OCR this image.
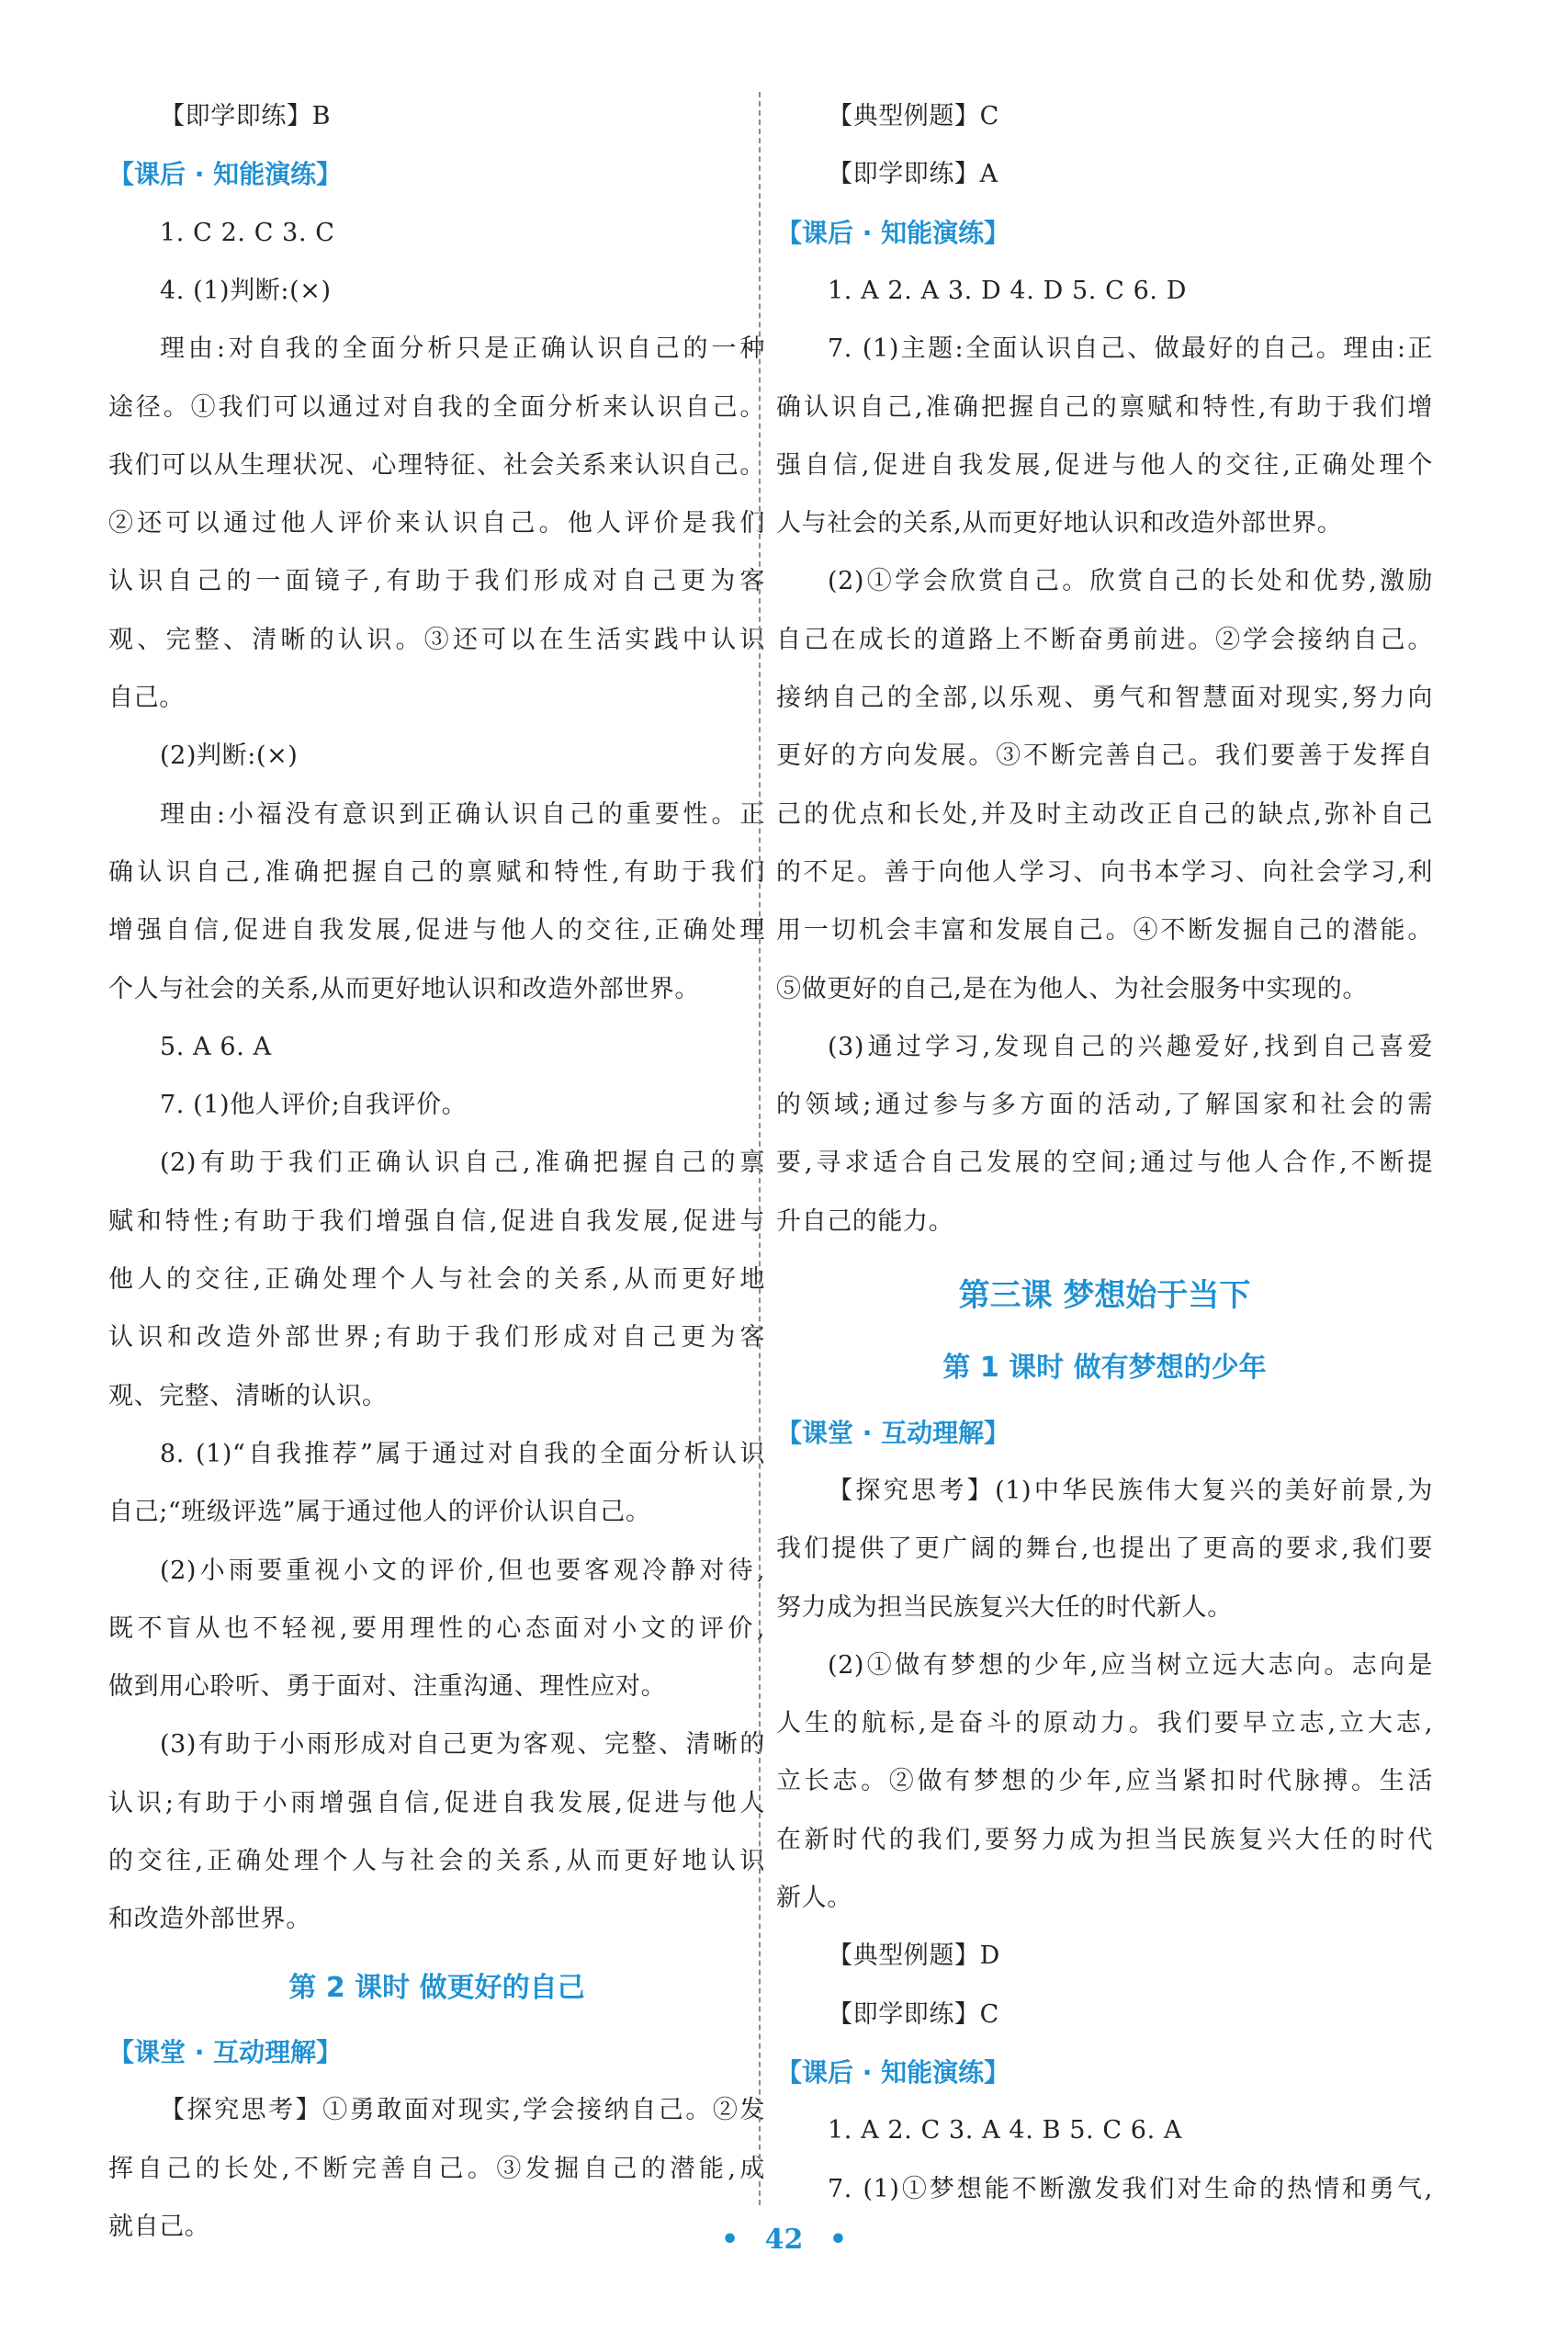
【即学即练】B
【课后 · 知能演练】
1. C 2. C 3. C
4. (1)判断:(×)
理由:对自我的全面分析只是正确认识自己的一种
途径。①我们可以通过对自我的全面分析来认识自己。
我们可以从生理状况、心理特征、社会关系来认识自己。
②还可以通过他人评价来认识自己。他人评价是我们
认识自己的一面镜子,有助于我们形成对自己更为客
观、完整、清晰的认识。③还可以在生活实践中认识
自己。
(2)判断:(×)
理由:小福没有意识到正确认识自己的重要性。正
确认识自己,准确把握自己的禀赋和特性,有助于我们
增强自信,促进自我发展,促进与他人的交往,正确处理
个人与社会的关系,从而更好地认识和改造外部世界。
5. A 6. A
7. (1)他人评价;自我评价。
(2)有助于我们正确认识自己,准确把握自己的禀
赋和特性;有助于我们增强自信,促进自我发展,促进与
他人的交往,正确处理个人与社会的关系,从而更好地
认识和改造外部世界;有助于我们形成对自己更为客
观、完整、清晰的认识。
8. (1)“自我推荐”属于通过对自我的全面分析认识
自己;“班级评选”属于通过他人的评价认识自己。
(2)小雨要重视小文的评价,但也要客观冷静对待,
既不盲从也不轻视,要用理性的心态面对小文的评价,
做到用心聆听、勇于面对、注重沟通、理性应对。
(3)有助于小雨形成对自己更为客观、完整、清晰的
认识;有助于小雨增强自信,促进自我发展,促进与他人
的交往,正确处理个人与社会的关系,从而更好地认识
和改造外部世界。
第 2 课时 做更好的自己
【课堂 · 互动理解】
【探究思考】①勇敢面对现实,学会接纳自己。②发
挥自己的长处,不断完善自己。③发掘自己的潜能,成
就自己。
【典型例题】C
【即学即练】A
【课后 · 知能演练】
1. A 2. A 3. D 4. D 5. C 6. D
7. (1)主题:全面认识自己、做最好的自己。理由:正
确认识自己,准确把握自己的禀赋和特性,有助于我们增
强自信,促进自我发展,促进与他人的交往,正确处理个
人与社会的关系,从而更好地认识和改造外部世界。
(2)①学会欣赏自己。欣赏自己的长处和优势,激励
自己在成长的道路上不断奋勇前进。②学会接纳自己。
接纳自己的全部,以乐观、勇气和智慧面对现实,努力向
更好的方向发展。③不断完善自己。我们要善于发挥自
己的优点和长处,并及时主动改正自己的缺点,弥补自己
的不足。善于向他人学习、向书本学习、向社会学习,利
用一切机会丰富和发展自己。④不断发掘自己的潜能。
⑤做更好的自己,是在为他人、为社会服务中实现的。
(3)通过学习,发现自己的兴趣爱好,找到自己喜爱
的领域;通过参与多方面的活动,了解国家和社会的需
要,寻求适合自己发展的空间;通过与他人合作,不断提
升自己的能力。
第三课 梦想始于当下
第 1 课时 做有梦想的少年
【课堂 · 互动理解】
【探究思考】(1)中华民族伟大复兴的美好前景,为
我们提供了更广阔的舞台,也提出了更高的要求,我们要
努力成为担当民族复兴大任的时代新人。
(2)①做有梦想的少年,应当树立远大志向。志向是
人生的航标,是奋斗的原动力。我们要早立志,立大志,
立长志。②做有梦想的少年,应当紧扣时代脉搏。生活
在新时代的我们,要努力成为担当民族复兴大任的时代
新人。
【典型例题】D
【即学即练】C
【课后 · 知能演练】
1. A 2. C 3. A 4. B 5. C 6. A
7. (1)①梦想能不断激发我们对生命的热情和勇气,
• 42 •
